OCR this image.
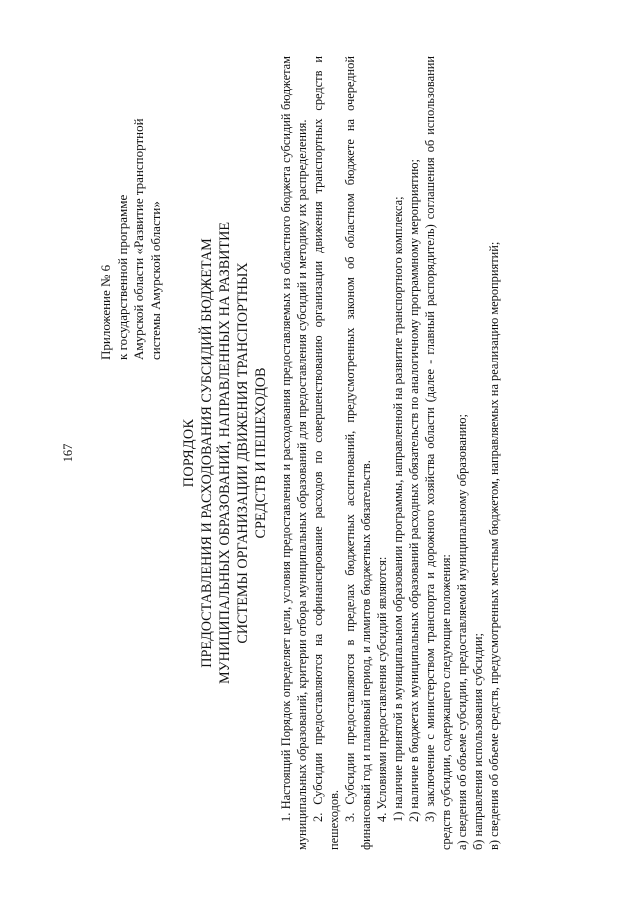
167
Приложение № 6 к государственной программе Амурской области «Развитие транспортной системы Амурской области»
ПОРЯДОК ПРЕДОСТАВЛЕНИЯ И РАСХОДОВАНИЯ СУБСИДИЙ БЮДЖЕТАМ МУНИЦИПАЛЬНЫХ ОБРАЗОВАНИЙ, НАПРАВЛЕННЫХ НА РАЗВИТИЕ СИСТЕМЫ ОРГАНИЗАЦИИ ДВИЖЕНИЯ ТРАНСПОРТНЫХ СРЕДСТВ И ПЕШЕХОДОВ 1. Настоящий Порядок определяет цели, условия предоставления и расходования предоставляемых из областного бюджета субсидий бюджетам муниципальных образований, критерии отбора муниципальных образований для предоставления субсидий и методику их распределения. 2. Субсидии предоставляются на софинансирование расходов по совершенствованию организации движения транспортных средств и пешеходов. 3. Субсидии предоставляются в пределах бюджетных ассигнований, предусмотренных законом об областном бюджете на очередной финансовый год и плановый период, и лимитов бюджетных обязательств. 4. Условиями предоставления субсидий являются: 1) наличие принятой в муниципальном образовании программы, направленной на развитие транспортного комплекса; 2) наличие в бюджетах муниципальных образований расходных обязательств по аналогичному программному мероприятию; 3) заключение с министерством транспорта и дорожного хозяйства области (далее - главный распорядитель) соглашения об использовании средств субсидии, содержащего следующие положения: а) сведения об объеме субсидии, предоставляемой муниципальному образованию; б) направления использования субсидии; в) сведения об объеме средств, предусмотренных местным бюджетом, направляемых на реализацию мероприятий;
